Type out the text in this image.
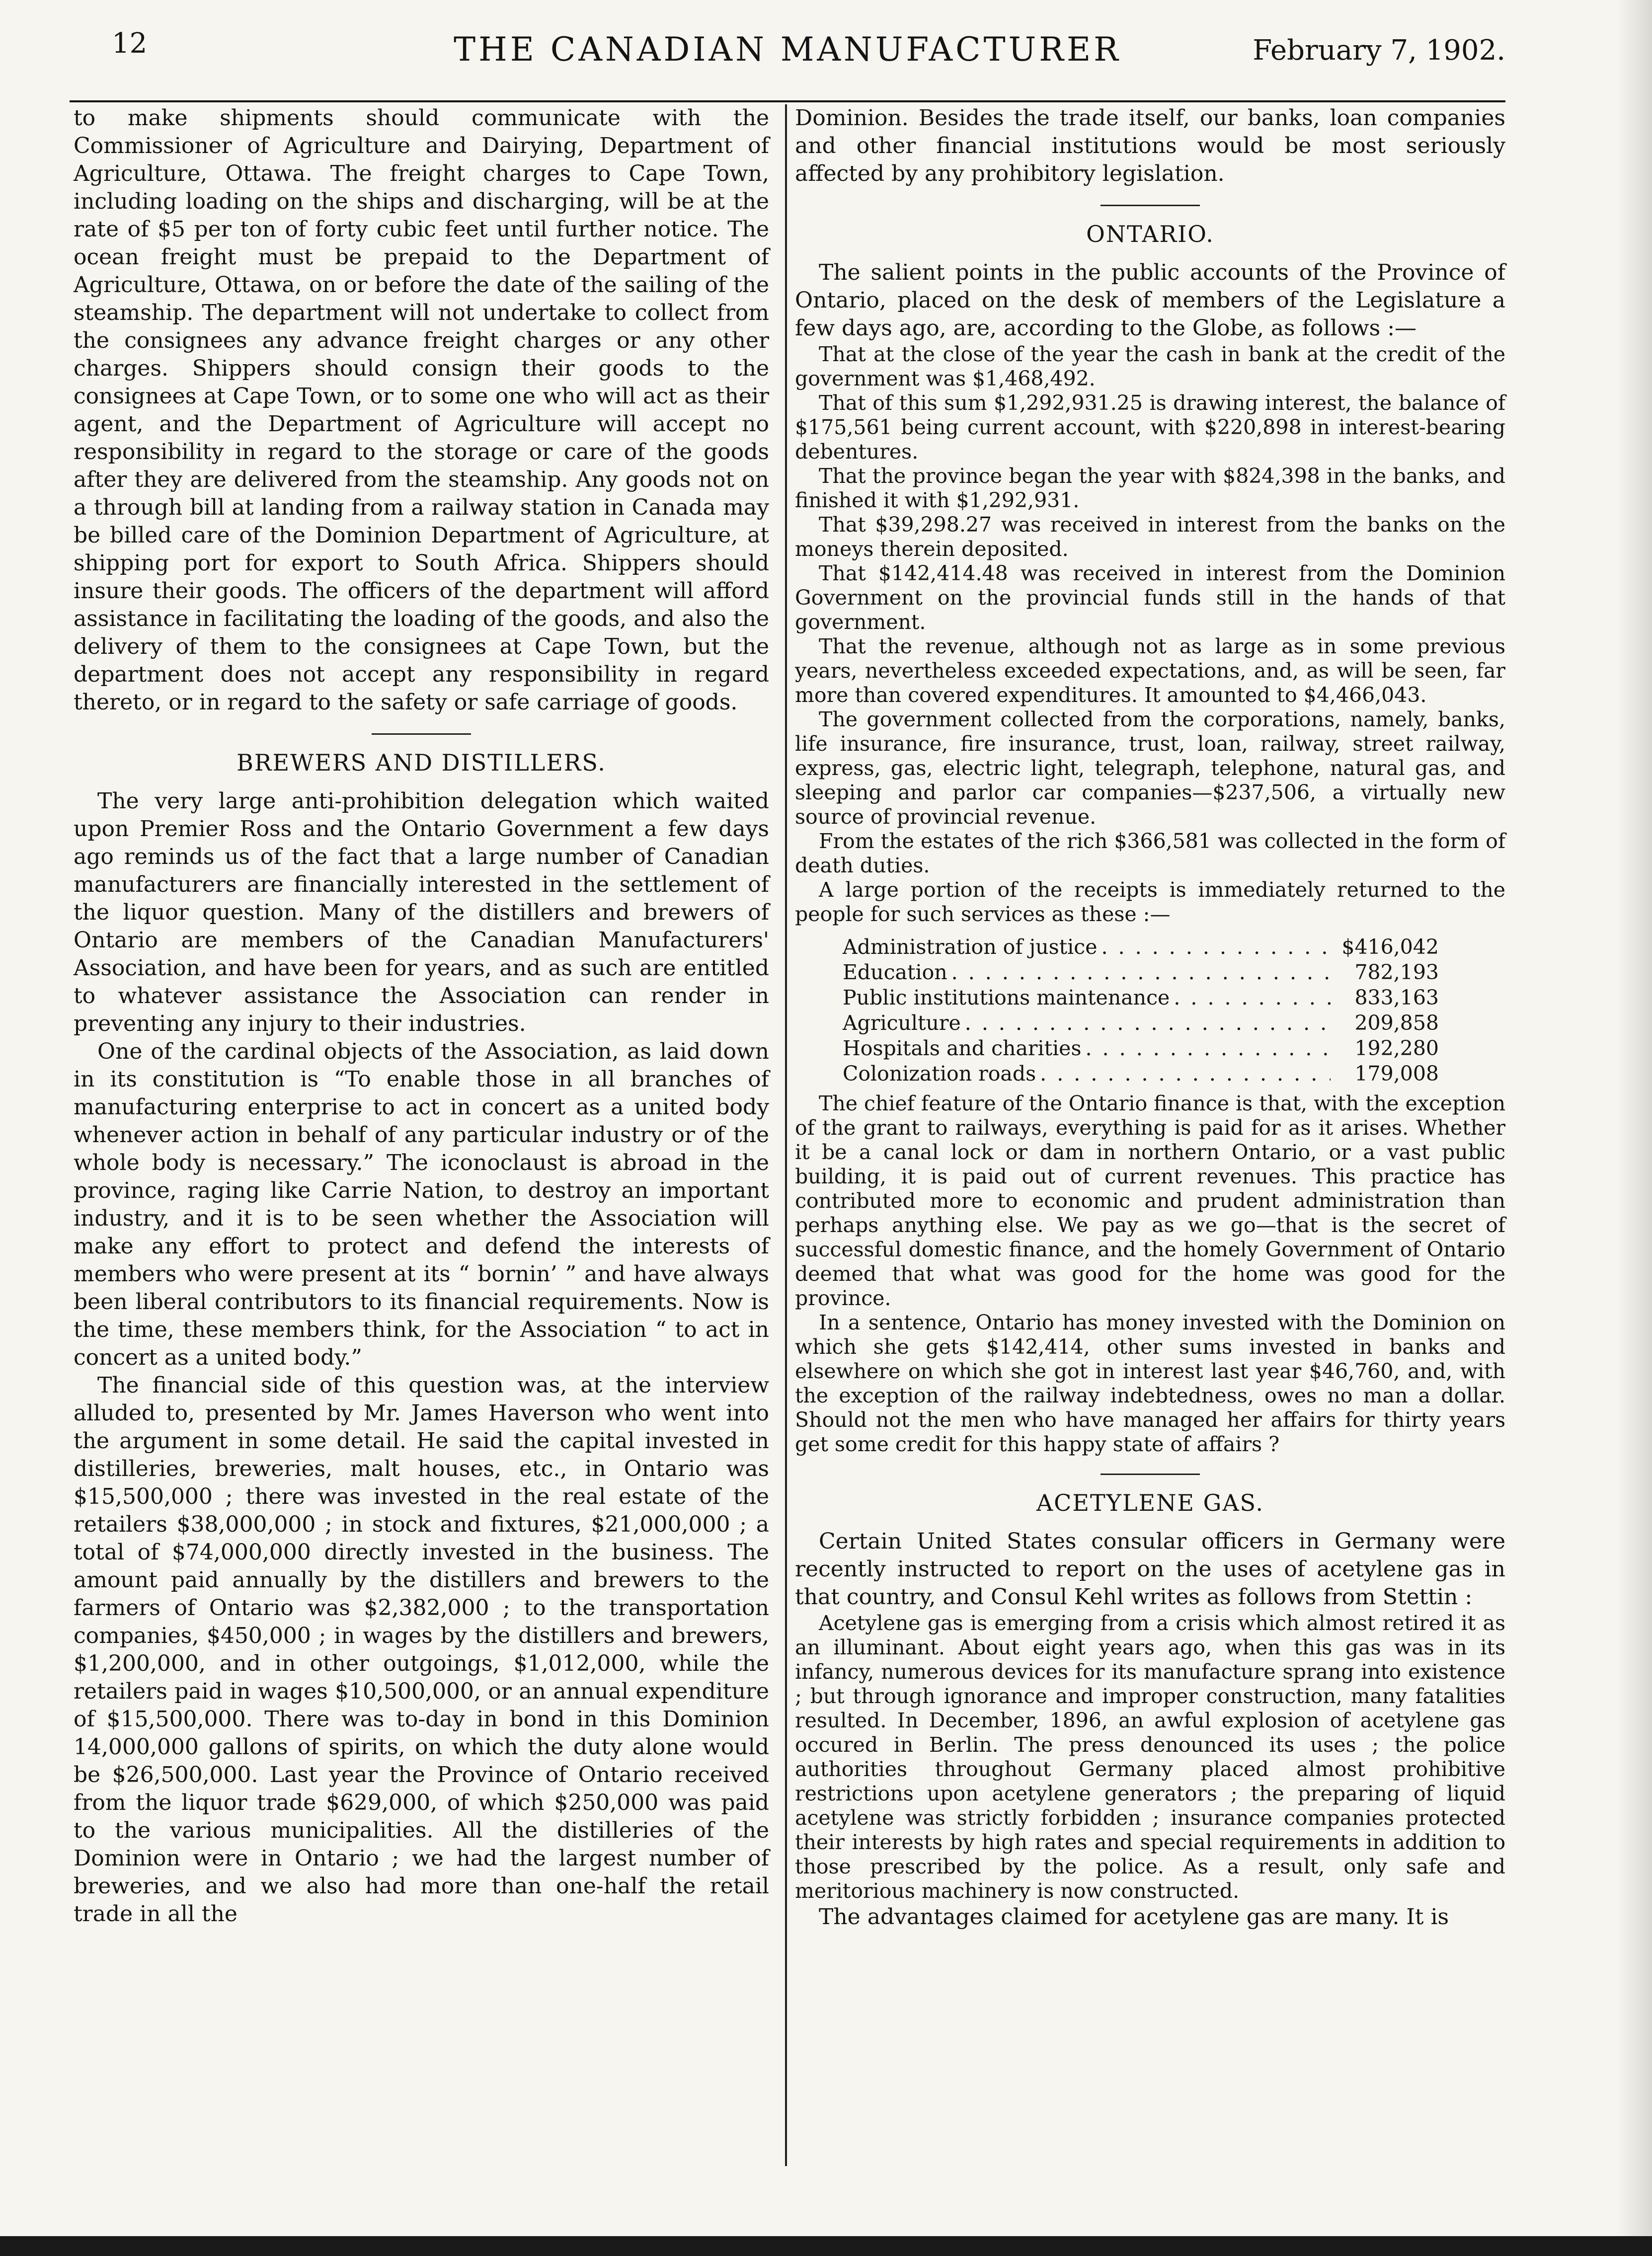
12	THE CANADIAN MANUFACTURER	February 7, 1902.

to make shipments should communicate with the Commissioner of Agriculture and Dairying, Department of Agriculture, Ottawa. The freight charges to Cape Town, including loading on the ships and discharging, will be at the rate of $5 per ton of forty cubic feet until further notice. The ocean freight must be prepaid to the Department of Agriculture, Ottawa, on or before the date of the sailing of the steamship. The department will not undertake to collect from the consignees any advance freight charges or any other charges. Shippers should consign their goods to the consignees at Cape Town, or to some one who will act as their agent, and the Department of Agriculture will accept no responsibility in regard to the storage or care of the goods after they are delivered from the steamship. Any goods not on a through bill at landing from a railway station in Canada may be billed care of the Dominion Department of Agriculture, at shipping port for export to South Africa. Shippers should insure their goods. The officers of the department will afford assistance in facilitating the loading of the goods, and also the delivery of them to the consignees at Cape Town, but the department does not accept any responsibility in regard thereto, or in regard to the safety or safe carriage of goods.

BREWERS AND DISTILLERS.

The very large anti-prohibition delegation which waited upon Premier Ross and the Ontario Government a few days ago reminds us of the fact that a large number of Canadian manufacturers are financially interested in the settlement of the liquor question. Many of the distillers and brewers of Ontario are members of the Canadian Manufacturers' Association, and have been for years, and as such are entitled to whatever assistance the Association can render in preventing any injury to their industries.

One of the cardinal objects of the Association, as laid down in its constitution is “To enable those in all branches of manufacturing enterprise to act in concert as a united body whenever action in behalf of any particular industry or of the whole body is necessary.” The iconoclaust is abroad in the province, raging like Carrie Nation, to destroy an important industry, and it is to be seen whether the Association will make any effort to protect and defend the interests of members who were present at its “ bornin’ ” and have always been liberal contributors to its financial requirements. Now is the time, these members think, for the Association “ to act in concert as a united body.”

The financial side of this question was, at the interview alluded to, presented by Mr. James Haverson who went into the argument in some detail. He said the capital invested in distilleries, breweries, malt houses, etc., in Ontario was $15,500,000 ; there was invested in the real estate of the retailers $38,000,000 ; in stock and fixtures, $21,000,000 ; a total of $74,000,000 directly invested in the business. The amount paid annually by the distillers and brewers to the farmers of Ontario was $2,382,000 ; to the transportation companies, $450,000 ; in wages by the distillers and brewers, $1,200,000, and in other outgoings, $1,012,000, while the retailers paid in wages $10,500,000, or an annual expenditure of $15,500,000. There was to-day in bond in this Dominion 14,000,000 gallons of spirits, on which the duty alone would be $26,500,000. Last year the Province of Ontario received from the liquor trade $629,000, of which $250,000 was paid to the various municipalities. All the distilleries of the Dominion were in Ontario ; we had the largest number of breweries, and we also had more than one-half the retail trade in all the

Dominion. Besides the trade itself, our banks, loan companies and other financial institutions would be most seriously affected by any prohibitory legislation.

ONTARIO.

The salient points in the public accounts of the Province of Ontario, placed on the desk of members of the Legislature a few days ago, are, according to the Globe, as follows :—

That at the close of the year the cash in bank at the credit of the government was $1,468,492.

That of this sum $1,292,931.25 is drawing interest, the balance of $175,561 being current account, with $220,898 in interest-bearing debentures.

That the province began the year with $824,398 in the banks, and finished it with $1,292,931.

That $39,298.27 was received in interest from the banks on the moneys therein deposited.

That $142,414.48 was received in interest from the Dominion Government on the provincial funds still in the hands of that government.

That the revenue, although not as large as in some previous years, nevertheless exceeded expectations, and, as will be seen, far more than covered expenditures. It amounted to $4,466,043.

The government collected from the corporations, namely, banks, life insurance, fire insurance, trust, loan, railway, street railway, express, gas, electric light, telegraph, telephone, natural gas, and sleeping and parlor car companies—$237,506, a virtually new source of provincial revenue.

From the estates of the rich $366,581 was collected in the form of death duties.

A large portion of the receipts is immediately returned to the people for such services as these :—

Administration of justice . . .	$416,042
Education . . .	782,193
Public institutions maintenance . . .	833,163
Agriculture . . .	209,858
Hospitals and charities . . .	192,280
Colonization roads . . .	179,008

The chief feature of the Ontario finance is that, with the exception of the grant to railways, everything is paid for as it arises. Whether it be a canal lock or dam in northern Ontario, or a vast public building, it is paid out of current revenues. This practice has contributed more to economic and prudent administration than perhaps anything else. We pay as we go—that is the secret of successful domestic finance, and the homely Government of Ontario deemed that what was good for the home was good for the province.

In a sentence, Ontario has money invested with the Dominion on which she gets $142,414, other sums invested in banks and elsewhere on which she got in interest last year $46,760, and, with the exception of the railway indebtedness, owes no man a dollar. Should not the men who have managed her affairs for thirty years get some credit for this happy state of affairs ?

ACETYLENE GAS.

Certain United States consular officers in Germany were recently instructed to report on the uses of acetylene gas in that country, and Consul Kehl writes as follows from Stettin :

Acetylene gas is emerging from a crisis which almost retired it as an illuminant. About eight years ago, when this gas was in its infancy, numerous devices for its manufacture sprang into existence ; but through ignorance and improper construction, many fatalities resulted. In December, 1896, an awful explosion of acetylene gas occured in Berlin. The press denounced its uses ; the police authorities throughout Germany placed almost prohibitive restrictions upon acetylene generators ; the preparing of liquid acetylene was strictly forbidden ; insurance companies protected their interests by high rates and special requirements in addition to those prescribed by the police. As a result, only safe and meritorious machinery is now constructed.

The advantages claimed for acetylene gas are many. It is
